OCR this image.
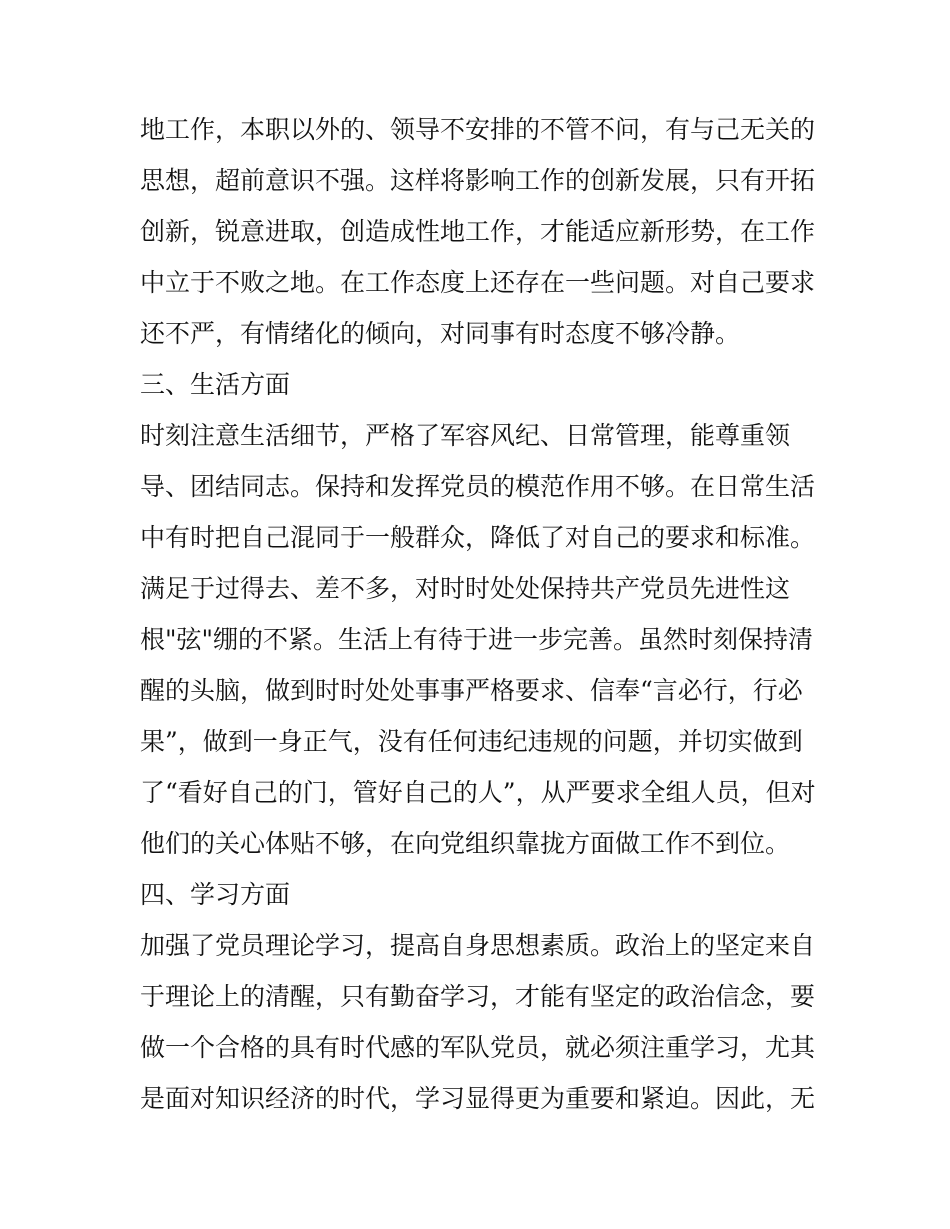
地工作，本职以外的、领导不安排的不管不问，有与己无关的
思想，超前意识不强。这样将影响工作的创新发展，只有开拓
创新，锐意进取，创造成性地工作，才能适应新形势，在工作
中立于不败之地。在工作态度上还存在一些问题。对自己要求
还不严，有情绪化的倾向，对同事有时态度不够冷静。
三、生活方面
时刻注意生活细节，严格了军容风纪、日常管理，能尊重领
导、团结同志。保持和发挥党员的模范作用不够。在日常生活
中有时把自己混同于一般群众，降低了对自己的要求和标准。
满足于过得去、差不多，对时时处处保持共产党员先进性这
根"弦"绷的不紧。生活上有待于进一步完善。虽然时刻保持清
醒的头脑，做到时时处处事事严格要求、信奉“言必行，行必
果”，做到一身正气，没有任何违纪违规的问题，并切实做到
了“看好自己的门，管好自己的人”，从严要求全组人员，但对
他们的关心体贴不够，在向党组织靠拢方面做工作不到位。
四、学习方面
加强了党员理论学习，提高自身思想素质。政治上的坚定来自
于理论上的清醒，只有勤奋学习，才能有坚定的政治信念，要
做一个合格的具有时代感的军队党员，就必须注重学习，尤其
是面对知识经济的时代，学习显得更为重要和紧迫。因此，无
